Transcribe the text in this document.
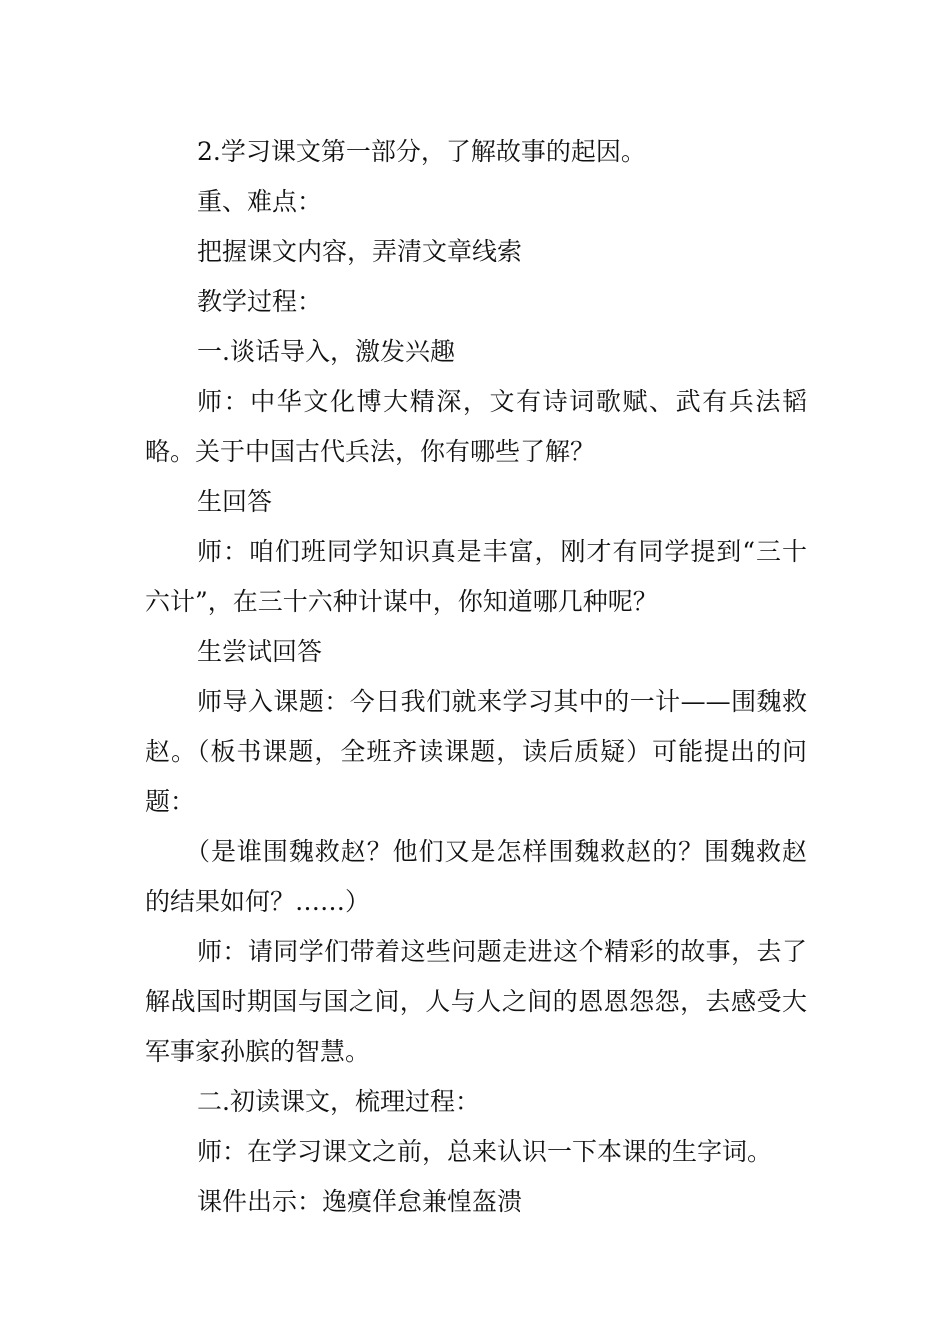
2.学习课文第一部分，了解故事的起因。

重、难点：

把握课文内容，弄清文章线索

教学过程：

一.谈话导入，激发兴趣

师：中华文化博大精深，文有诗词歌赋、武有兵法韬略。关于中国古代兵法，你有哪些了解？

生回答

师：咱们班同学知识真是丰富，刚才有同学提到“三十六计”，在三十六种计谋中，你知道哪几种呢？

生尝试回答

师导入课题：今日我们就来学习其中的一计——围魏救赵。（板书课题，全班齐读课题，读后质疑）可能提出的问题：

（是谁围魏救赵？他们又是怎样围魏救赵的？围魏救赵的结果如何？……）

师：请同学们带着这些问题走进这个精彩的故事，去了解战国时期国与国之间，人与人之间的恩恩怨怨，去感受大军事家孙膑的智慧。

二.初读课文，梳理过程：

师：在学习课文之前，总来认识一下本课的生字词。

课件出示：逸瘼佯怠兼惶盔溃
